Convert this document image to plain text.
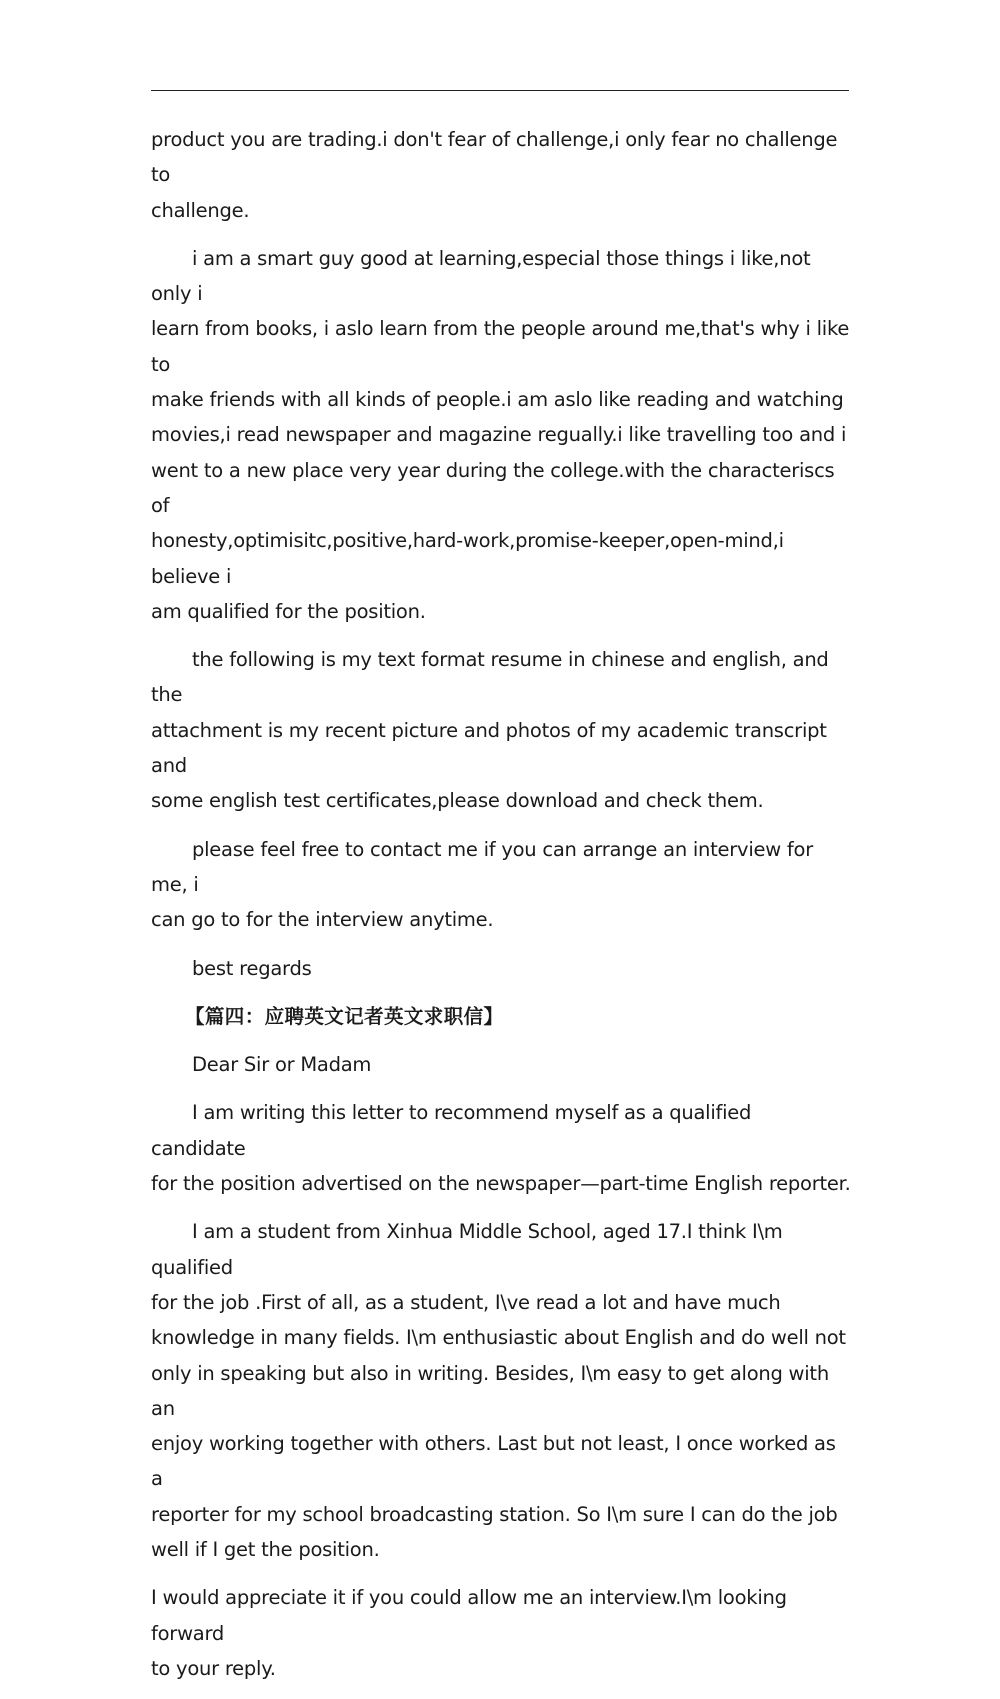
product you are trading.i don't fear of challenge,i only fear no challenge to
challenge.

i am a smart guy good at learning,especial those things i like,not only i
learn from books, i aslo learn from the people around me,that's why i like to
make friends with all kinds of people.i am aslo like reading and watching
movies,i read newspaper and magazine regually.i like travelling too and i
went to a new place very year during the college.with the characteriscs of
honesty,optimisitc,positive,hard-work,promise-keeper,open-mind,i believe i
am qualified for the position.

the following is my text format resume in chinese and english, and the
attachment is my recent picture and photos of my academic transcript and
some english test certificates,please download and check them.

please feel free to contact me if you can arrange an interview for me, i
can go to for the interview anytime.

best regards

【篇四：应聘英文记者英文求职信】

Dear Sir or Madam

I am writing this letter to recommend myself as a qualified candidate
for the position advertised on the newspaper—part-time English reporter.

I am a student from Xinhua Middle School, aged 17.I think I\m qualified
for the job .First of all, as a student, I\ve read a lot and have much
knowledge in many fields. I\m enthusiastic about English and do well not
only in speaking but also in writing. Besides, I\m easy to get along with an
enjoy working together with others. Last but not least, I once worked as a
reporter for my school broadcasting station. So I\m sure I can do the job
well if I get the position.

I would appreciate it if you could allow me an interview.I\m looking forward
to your reply.
